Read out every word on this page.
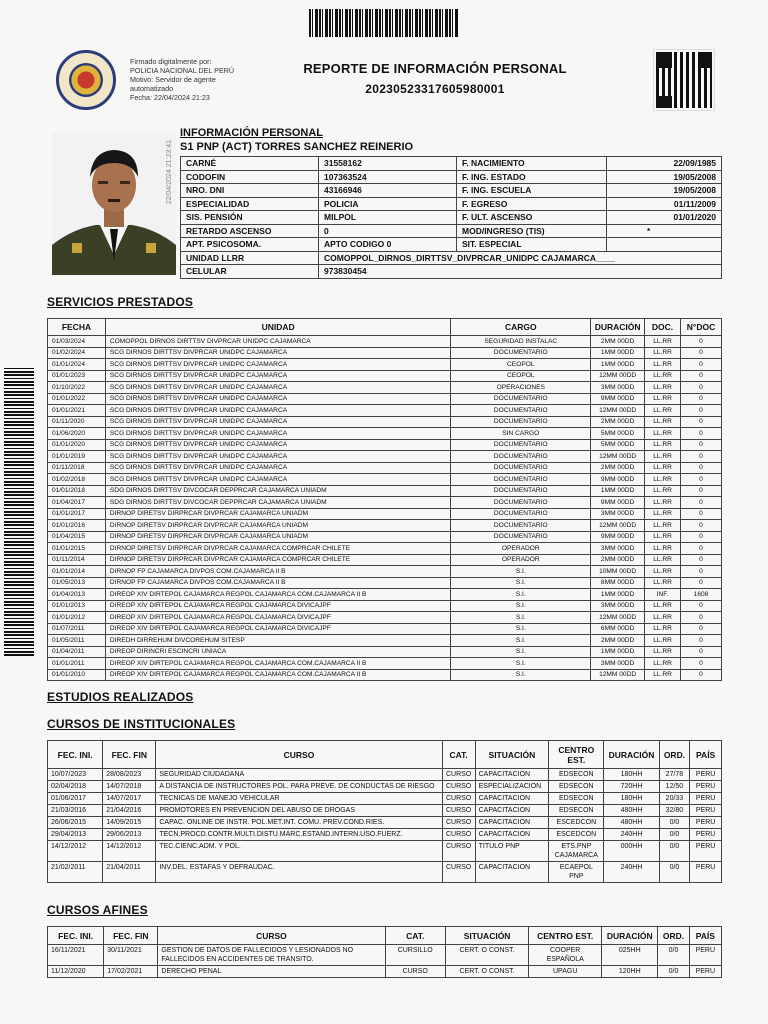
Firmado digitalmente por:
POLICIA NACIONAL DEL PERÚ
Motivo: Servidor de agente
automatizado
Fecha: 22/04/2024 21:23
REPORTE DE INFORMACIÓN PERSONAL
20230523317605980001
22/04/2024 21:23:41
INFORMACIÓN PERSONAL
S1 PNP (ACT) TORRES SANCHEZ REINERIO
CARNÉ	31558162	F. NACIMIENTO	22/09/1985
CODOFIN	107363524	F. ING. ESTADO	19/05/2008
NRO. DNI	43166946	F. ING. ESCUELA	19/05/2008
ESPECIALIDAD	POLICIA	F. EGRESO	01/11/2009
SIS. PENSIÓN	MILPOL	F. ULT. ASCENSO	01/01/2020
RETARDO ASCENSO	0	MOD/INGRESO (TIS)	*
APT. PSICOSOMA.	APTO CODIGO 0	SIT. ESPECIAL	
UNIDAD LLRR	COMOPPOL_DIRNOS_DIRTTSV_DIVPRCAR_UNIDPC CAJAMARCA____		
CELULAR	973830454		
SERVICIOS PRESTADOS
FECHA	UNIDAD	CARGO	DURACIÓN	DOC.	N°DOC
01/03/2024	COMOPPOL DIRNOS DIRTTSV DIVPRCAR UNIDPC CAJAMARCA	SEGURIDAD INSTALAC	2MM 00DD	LL.RR	0
01/02/2024	SCG DIRNOS DIRTTSV DIVPRCAR UNIDPC CAJAMARCA	DOCUMENTARIO	1MM 00DD	LL.RR	0
01/01/2024	SCG DIRNOS DIRTTSV DIVPRCAR UNIDPC CAJAMARCA	CEOPOL	1MM 00DD	LL.RR	0
01/01/2023	SCG DIRNOS DIRTTSV DIVPRCAR UNIDPC CAJAMARCA	CEOPOL	12MM 00DD	LL.RR	0
01/10/2022	SCG DIRNOS DIRTTSV DIVPRCAR UNIDPC CAJAMARCA	OPERACIONES	3MM 00DD	LL.RR	0
01/01/2022	SCG DIRNOS DIRTTSV DIVPRCAR UNIDPC CAJAMARCA	DOCUMENTARIO	9MM 00DD	LL.RR	0
01/01/2021	SCG DIRNOS DIRTTSV DIVPRCAR UNIDPC CAJAMARCA	DOCUMENTARIO	12MM 00DD	LL.RR	0
01/11/2020	SCG DIRNOS DIRTTSV DIVPRCAR UNIDPC CAJAMARCA	DOCUMENTARIO	2MM 00DD	LL.RR	0
01/06/2020	SCG DIRNOS DIRTTSV DIVPRCAR UNIDPC CAJAMARCA	SIN CARGO	5MM 00DD	LL.RR	0
01/01/2020	SCG DIRNOS DIRTTSV DIVPRCAR UNIDPC CAJAMARCA	DOCUMENTARIO	5MM 00DD	LL.RR	0
01/01/2019	SCG DIRNOS DIRTTSV DIVPRCAR UNIDPC CAJAMARCA	DOCUMENTARIO	12MM 00DD	LL.RR	0
01/11/2018	SCG DIRNOS DIRTTSV DIVPRCAR UNIDPC CAJAMARCA	DOCUMENTARIO	2MM 00DD	LL.RR	0
01/02/2018	SCG DIRNOS DIRTTSV DIVPRCAR UNIDPC CAJAMARCA	DOCUMENTARIO	9MM 00DD	LL.RR	0
01/01/2018	SDG DIRNOS DIRTTSV DIVCOCAR DEPPRCAR CAJAMARCA UNIADM	DOCUMENTARIO	1MM 00DD	LL.RR	0
01/04/2017	SDG DIRNOS DIRTTSV DIVCOCAR DEPPRCAR CAJAMARCA UNIADM	DOCUMENTARIO	9MM 00DD	LL.RR	0
01/01/2017	DIRNOP DIRETSV DIRPRCAR DIVPRCAR CAJAMARCA UNIADM	DOCUMENTARIO	3MM 00DD	LL.RR	0
01/01/2016	DIRNOP DIRETSV DIRPRCAR DIVPRCAR CAJAMARCA UNIADM	DOCUMENTARIO	12MM 00DD	LL.RR	0
01/04/2015	DIRNOP DIRETSV DIRPRCAR DIVPRCAR CAJAMARCA UNIADM	DOCUMENTARIO	9MM 00DD	LL.RR	0
01/01/2015	DIRNOP DIRETSV DIRPRCAR DIVPRCAR CAJAMARCA COMPRCAR CHILETE	OPERADOR	3MM 00DD	LL.RR	0
01/11/2014	DIRNOP DIRETSV DIRPRCAR DIVPRCAR CAJAMARCA COMPRCAR CHILETE	OPERADOR	2MM 00DD	LL.RR	0
01/01/2014	DIRNOP FP CAJAMARCA DIVPOS COM.CAJAMARCA II B	S.I.	10MM 00DD	LL.RR	0
01/05/2013	DIRNOP FP CAJAMARCA DIVPOS COM.CAJAMARCA II B	S.I.	8MM 00DD	LL.RR	0
01/04/2013	DIREOP XIV DIRTEPOL CAJAMARCA REGPOL CAJAMARCA COM.CAJAMARCA II B	S.I.	1MM 00DD	INF.	1608
01/01/2013	DIREOP XIV DIRTEPOL CAJAMARCA REGPOL CAJAMARCA DIVICAJPF	S.I.	3MM 00DD	LL.RR	0
01/01/2012	DIREOP XIV DIRTEPOL CAJAMARCA REGPOL CAJAMARCA DIVICAJPF	S.I.	12MM 00DD	LL.RR	0
01/07/2011	DIREOP XIV DIRTEPOL CAJAMARCA REGPOL CAJAMARCA DIVICAJPF	S.I.	6MM 00DD	LL.RR	0
01/05/2011	DIREDH DIRREHUM DIVCOREHUM SITESP	S.I.	2MM 00DD	LL.RR	0
01/04/2011	DIREOP DIRINCRI ESCINCRI UNIACA	S.I.	1MM 00DD	LL.RR	0
01/01/2011	DIREOP XIV DIRTEPOL CAJAMARCA REGPOL CAJAMARCA COM.CAJAMARCA II B	S.I.	3MM 00DD	LL.RR	0
01/01/2010	DIREOP XIV DIRTEPOL CAJAMARCA REGPOL CAJAMARCA COM.CAJAMARCA II B	S.I.	12MM 00DD	LL.RR	0
ESTUDIOS REALIZADOS
CURSOS DE INSTITUCIONALES
FEC. INI.	FEC. FIN	CURSO	CAT.	SITUACIÓN	CENTRO EST.	DURACIÓN	ORD.	PAÍS
10/07/2023	28/08/2023	SEGURIDAD CIUDADANA	CURSO	CAPACITACION	EDSECON	180HH	27/78	PERU
02/04/2018	14/07/2018	A DISTANCIA DE INSTRUCTORES POL. PARA PREVE. DE CONDUCTAS DE RIESGO	CURSO	ESPECIALIZACION	EDSECON	720HH	12/50	PERU
01/06/2017	14/07/2017	TECNICAS DE MANEJO VEHICULAR	CURSO	CAPACITACION	EDSECON	180HH	20/33	PERU
21/03/2016	21/04/2016	PROMOTORES EN PREVENCION DEL ABUSO DE DROGAS	CURSO	CAPACITACION	EDSECON	480HH	32/80	PERU
26/06/2015	14/09/2015	CAPAC. ONLINE DE INSTR. POL.MET.INT. COMU. PREV.COND.RIES.	CURSO	CAPACITACION	ESCEDCON	480HH	0/0	PERU
29/04/2013	29/06/2013	TECN.PROCD.CONTR.MULTI.DISTU.MARC.ESTAND.INTERN.USO.FUERZ.	CURSO	CAPACITACION	ESCEDCON	240HH	0/0	PERU
14/12/2012	14/12/2012	TEC.CIENC.ADM. Y POL.	CURSO	TITULO PNP	ETS.PNP CAJAMARCA	000HH	0/0	PERU
21/02/2011	21/04/2011	INV.DEL. ESTAFAS Y DEFRAUDAC.	CURSO	CAPACITACION	ECAEPOL PNP	240HH	0/0	PERU
CURSOS AFINES
FEC. INI.	FEC. FIN	CURSO	CAT.	SITUACIÓN	CENTRO EST.	DURACIÓN	ORD.	PAÍS
16/11/2021	30/11/2021	GESTION DE DATOS DE FALLECIDOS Y LESIONADOS NO FALLECIDOS EN ACCIDENTES DE TRANSITO.	CURSILLO	CERT. O CONST.	COOPER ESPAÑOLA	025HH	0/0	PERU
11/12/2020	17/02/2021	DERECHO PENAL	CURSO	CERT. O CONST.	UPAGU	120HH	0/0	PERU
